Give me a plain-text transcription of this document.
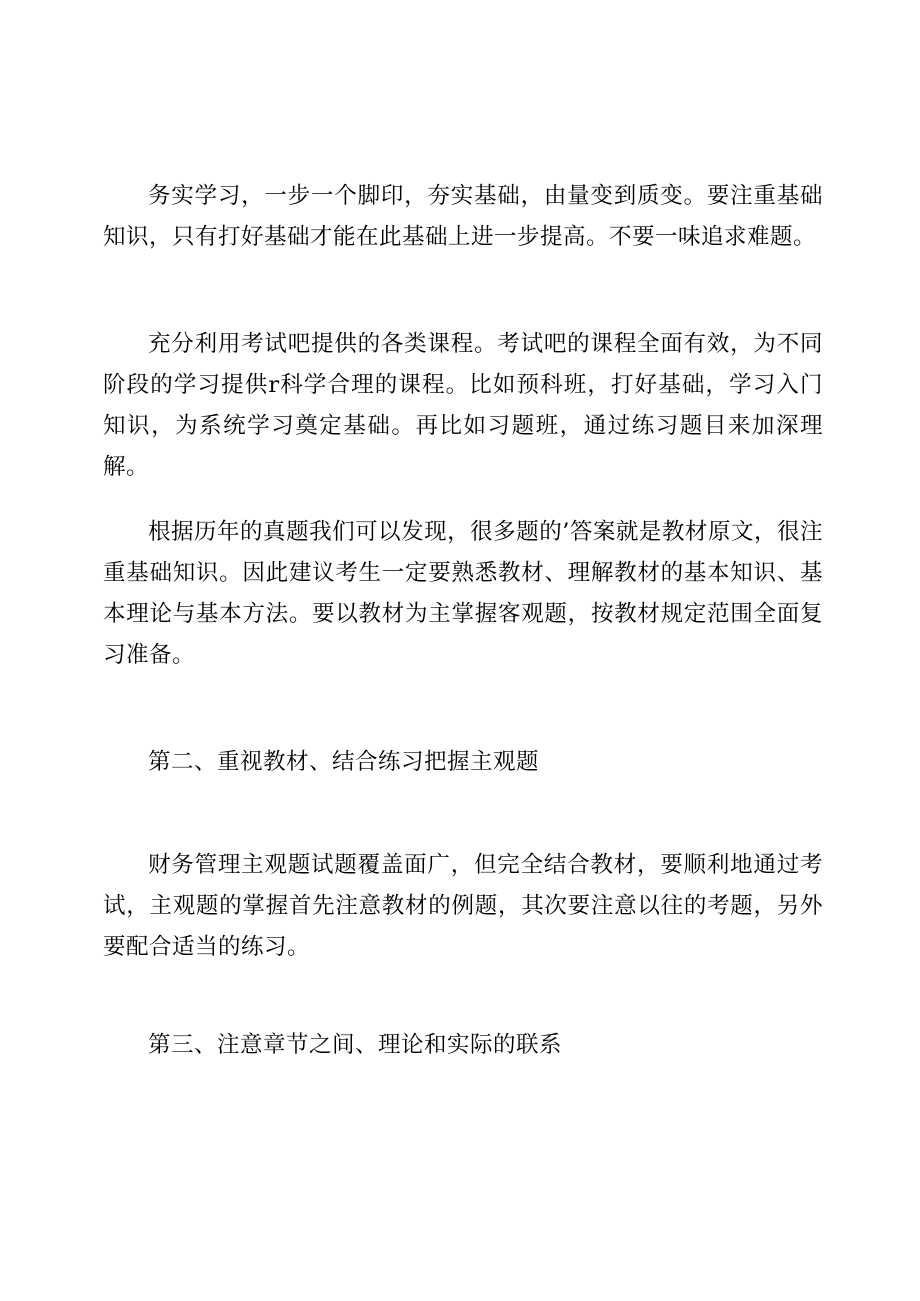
务实学习，一步一个脚印，夯实基础，由量变到质变。要注重基础知识，只有打好基础才能在此基础上进一步提高。不要一味追求难题。

充分利用考试吧提供的各类课程。考试吧的课程全面有效，为不同阶段的学习提供r科学合理的课程。比如预科班，打好基础，学习入门知识，为系统学习奠定基础。再比如习题班，通过练习题目来加深理解。

根据历年的真题我们可以发现，很多题的’答案就是教材原文，很注重基础知识。因此建议考生一定要熟悉教材、理解教材的基本知识、基本理论与基本方法。要以教材为主掌握客观题，按教材规定范围全面复习准备。

第二、重视教材、结合练习把握主观题

财务管理主观题试题覆盖面广，但完全结合教材，要顺利地通过考试，主观题的掌握首先注意教材的例题，其次要注意以往的考题，另外要配合适当的练习。

第三、注意章节之间、理论和实际的联系
